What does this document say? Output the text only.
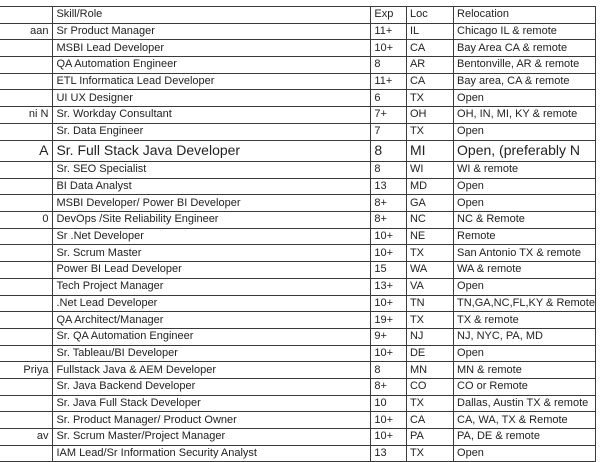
	Skill/Role	Exp	Loc	Relocation

aan	Sr Product Manager	11+	IL	Chicago IL & remote

	MSBI Lead Developer	10+	CA	Bay Area CA & remote

	QA Automation Engineer	8	AR	Bentonville, AR & remote

	ETL Informatica Lead Developer	11+	CA	Bay area, CA & remote

	UI UX Designer	6	TX	Open

ni N	Sr. Workday Consultant	7+	OH	OH, IN, MI, KY & remote

	Sr. Data Engineer	7	TX	Open

A	Sr. Full Stack Java Developer	8	MI	Open, (preferably N

	Sr. SEO Specialist	8	WI	WI & remote

	BI Data Analyst	13	MD	Open

	MSBI Developer/ Power BI Developer	8+	GA	Open

0	DevOps /Site Reliability Engineer	8+	NC	NC & Remote

	Sr .Net Developer	10+	NE	Remote

	Sr. Scrum Master	10+	TX	San Antonio TX & remote

	Power BI Lead Developer	15	WA	WA & remote

	Tech Project Manager	13+	VA	Open

	.Net Lead Developer	10+	TN	TN,GA,NC,FL,KY & Remote

	QA Architect/Manager	19+	TX	TX & remote

	Sr. QA Automation Engineer	9+	NJ	NJ, NYC, PA, MD

	Sr. Tableau/BI Developer	10+	DE	Open

Priya	Fullstack Java & AEM Developer	8	MN	MN & remote

	Sr. Java Backend Developer	8+	CO	CO or Remote

	Sr. Java Full Stack Developer	10	TX	Dallas, Austin TX & remote

	Sr. Product Manager/ Product Owner	10+	CA	CA, WA, TX & Remote

av	Sr. Scrum Master/Project Manager	10+	PA	PA, DE & remote

	IAM Lead/Sr Information Security Analyst	13	TX	Open
